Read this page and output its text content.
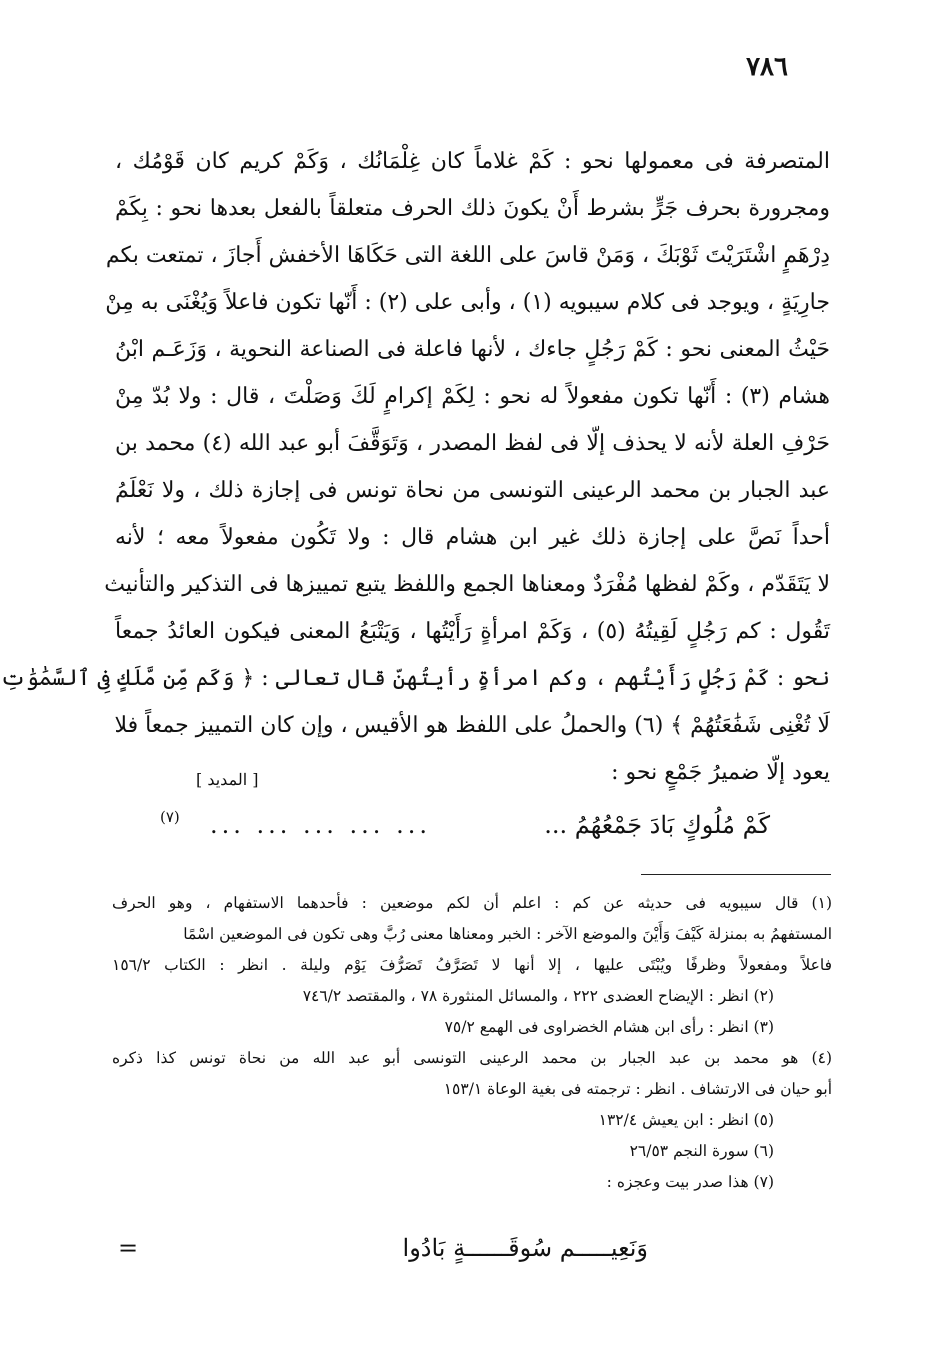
٧٨٦
المتصرفة فى معمولها نحو : كَمْ غلاماً كان غِلْمَانُك ، وَكَمْ كريم كان قَوْمُك ،
ومجرورة بحرف جَرٍّ بشرط أَنْ يكونَ ذلك الحرف متعلقاً بالفعل بعدها نحو : بِكَمْ
دِرْهَمٍ اشْتَرَيْتَ ثَوْبَكَ ، وَمَنْ قاسَ على اللغة التى حَكَاهَا الأخفش أَجازَ ، تمتعت بكم
جارِيَةٍ ، ويوجد فى كلام سيبويه (١) ، وأبى على (٢) : أَنّها تكون فاعلاً وَيُغْنَى به مِنْ
حَيْثُ المعنى نحو : كَمْ رَجُلٍ جاءك ، لأنها فاعلة فى الصناعة النحوية ، وَزَعَـم ابْنُ
هشام (٣) : أَنّها تكون مفعولاً له نحو : لِكَمْ إكرامٍ لَكَ وَصَلْتَ ، قال : ولا بُدّ مِنْ
حَرْفِ العلة لأنه لا يحذف إلّا فى لفظ المصدر ، وَتَوَقَّفَ أبو عبد الله (٤) محمد بن
عبد الجبار بن محمد الرعينى التونسى من نحاة تونس فى إجازة ذلك ، ولا نَعْلَمُ
أحداً نَصَّ على إجازة ذلك غير ابن هشام قال : ولا تَكُون مفعولاً معه ؛ لأنه
لا يَتَقَدّم ، وكَمْ لفظها مُفْرَدٌ ومعناها الجمع واللفظ يتبع تمييزها فى التذكير والتأنيث
تَقُول : كم رَجُلٍ لَقِيتُهُ (٥) ، وَكَمْ امرأةٍ رَأَيْتُها ، وَيَتْبَعُ المعنى فيكون العائدُ جمعاً
نحو : كَمْ رَجُلٍ رَأَيْتُهم ، وكم امرأةٍ رأيتُهنّ قال تعالى : ﴿ وَكَم مِّن مَّلَكٍ فِى ٱلسَّمَٰوَٰتِ
لَا تُغْنِى شَفَٰعَتُهُمْ ﴾ (٦) والحملُ على اللفظ هو الأقيس ، وإن كان التمييز جمعاً فلا
يعود إلّا ضميرُ جَمْعٍ نحو :
[ المديد ]
كَمْ مُلُوكٍ بَادَ جَمْعُهُمُ ...
... ... ... ... ...
(٧)
(١) قال سيبويه فى حديثه عن كم : اعلم أن لكم موضعين : فأحدهما الاستفهام ، وهو الحرف
المستفهمُ به بمنزلة كَيْفَ وَأَيْنَ والموضع الآخر : الخبر ومعناها معنى رُبَّ وهى تكون فى الموضعين اسْمًا
فاعلاً ومفعولاً وظرفًا ويُبْتَى عليها ، إلا أنها لا تَصَرَّفُ تَصَرُّفَ يَوْم وليلة . انظر : الكتاب ١٥٦/٢
(٢) انظر : الإيضاح العضدى ٢٢٢ ، والمسائل المنثورة ٧٨ ، والمقتصد ٧٤٦/٢
(٣) انظر : رأى ابن هشام الخضراوى فى الهمع ٧٥/٢
(٤) هو محمد بن عبد الجبار بن محمد الرعينى التونسى أبو عبد الله من نحاة تونس كذا ذكره
أبو حيان فى الارتشاف . انظر : ترجمته فى بغية الوعاة ١٥٣/١
(٥) انظر : ابن يعيش ١٣٢/٤
(٦) سورة النجم ٢٦/٥٣
(٧) هذا صدر بيت وعجزه :
وَنَعِيـــــم سُوقَــــــةٍ بَادُوا
=
